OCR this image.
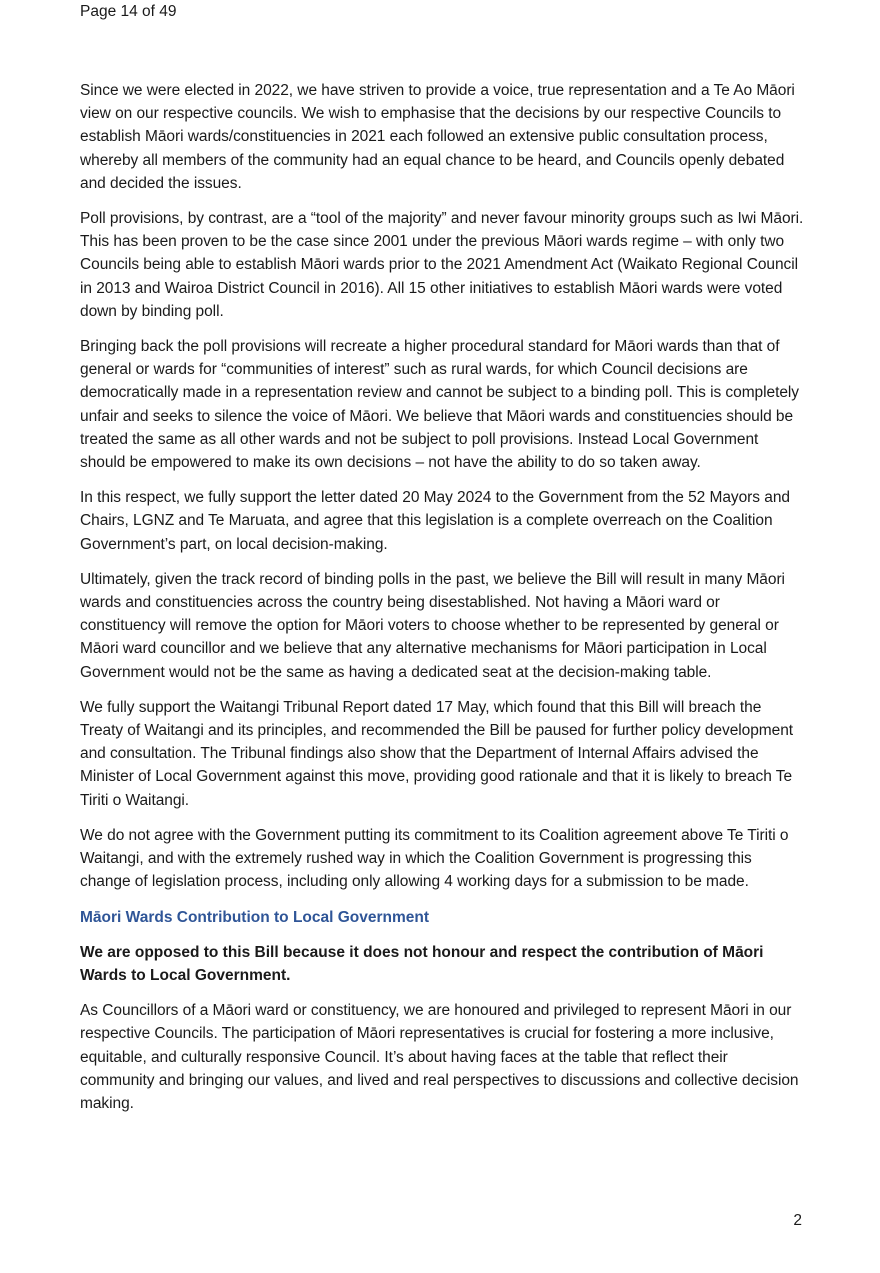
Page 14 of 49

Since we were elected in 2022, we have striven to provide a voice, true representation and a Te Ao Māori view on our respective councils. We wish to emphasise that the decisions by our respective Councils to establish Māori wards/constituencies in 2021 each followed an extensive public consultation process, whereby all members of the community had an equal chance to be heard, and Councils openly debated and decided the issues.

Poll provisions, by contrast, are a “tool of the majority” and never favour minority groups such as Iwi Māori. This has been proven to be the case since 2001 under the previous Māori wards regime – with only two Councils being able to establish Māori wards prior to the 2021 Amendment Act (Waikato Regional Council in 2013 and Wairoa District Council in 2016). All 15 other initiatives to establish Māori wards were voted down by binding poll.

Bringing back the poll provisions will recreate a higher procedural standard for Māori wards than that of general or wards for “communities of interest” such as rural wards, for which Council decisions are democratically made in a representation review and cannot be subject to a binding poll. This is completely unfair and seeks to silence the voice of Māori. We believe that Māori wards and constituencies should be treated the same as all other wards and not be subject to poll provisions. Instead Local Government should be empowered to make its own decisions – not have the ability to do so taken away.

In this respect, we fully support the letter dated 20 May 2024 to the Government from the 52 Mayors and Chairs, LGNZ and Te Maruata, and agree that this legislation is a complete overreach on the Coalition Government’s part, on local decision-making.

Ultimately, given the track record of binding polls in the past, we believe the Bill will result in many Māori wards and constituencies across the country being disestablished. Not having a Māori ward or constituency will remove the option for Māori voters to choose whether to be represented by general or Māori ward councillor and we believe that any alternative mechanisms for Māori participation in Local Government would not be the same as having a dedicated seat at the decision-making table.

We fully support the Waitangi Tribunal Report dated 17 May, which found that this Bill will breach the Treaty of Waitangi and its principles, and recommended the Bill be paused for further policy development and consultation. The Tribunal findings also show that the Department of Internal Affairs advised the Minister of Local Government against this move, providing good rationale and that it is likely to breach Te Tiriti o Waitangi.

We do not agree with the Government putting its commitment to its Coalition agreement above Te Tiriti o Waitangi, and with the extremely rushed way in which the Coalition Government is progressing this change of legislation process, including only allowing 4 working days for a submission to be made.

Māori Wards Contribution to Local Government

We are opposed to this Bill because it does not honour and respect the contribution of Māori Wards to Local Government.

As Councillors of a Māori ward or constituency, we are honoured and privileged to represent Māori in our respective Councils. The participation of Māori representatives is crucial for fostering a more inclusive, equitable, and culturally responsive Council. It’s about having faces at the table that reflect their community and bringing our values, and lived and real perspectives to discussions and collective decision making.

2
